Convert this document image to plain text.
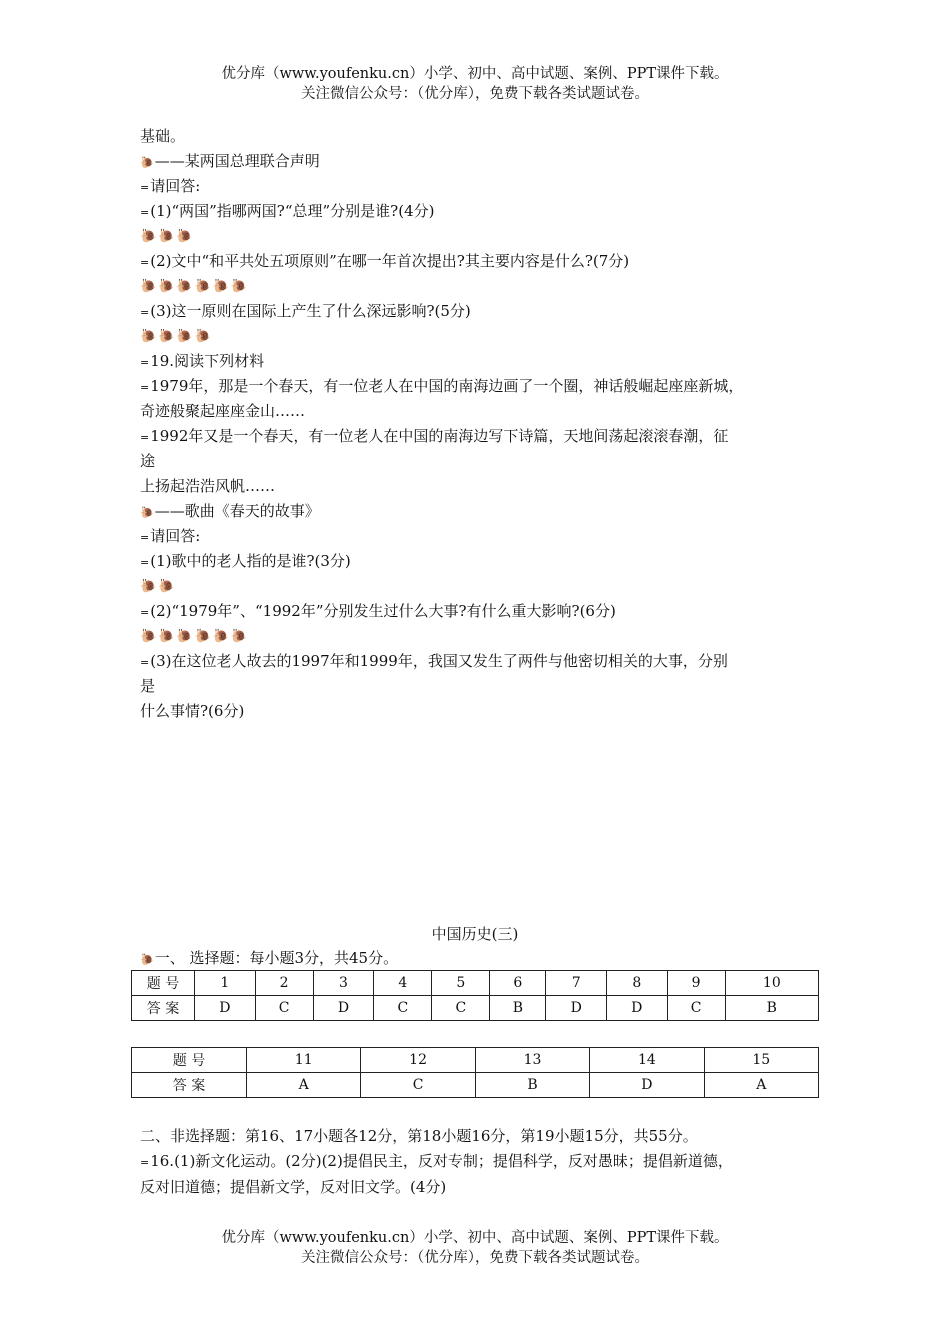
优分库（www.youfenku.cn）小学、初中、高中试题、案例、PPT课件下载。
关注微信公众号：（优分库），免费下载各类试题试卷。
基础。
🐌 ——某两国总理联合声明
= 请回答:
= (1)“两国”指哪两国?“总理”分别是谁?(4分)
🐌🐌🐌
= (2)文中“和平共处五项原则”在哪一年首次提出?其主要内容是什么?(7分)
🐌🐌🐌🐌🐌🐌
= (3)这一原则在国际上产生了什么深远影响?(5分)
🐌🐌🐌🐌
= 19.阅读下列材料
= 1979年，那是一个春天，有一位老人在中国的南海边画了一个圈，神话般崛起座座新城，
奇迹般聚起座座金山……
= 1992年又是一个春天，有一位老人在中国的南海边写下诗篇，天地间荡起滚滚春潮，征
途
上扬起浩浩风帆……
🐌 ——歌曲《春天的故事》
= 请回答:
= (1)歌中的老人指的是谁?(3分)
🐌🐌
= (2)“1979年”、“1992年”分别发生过什么大事?有什么重大影响?(6分)
🐌🐌🐌🐌🐌🐌
= (3)在这位老人故去的1997年和1999年，我国又发生了两件与他密切相关的大事，分别
是
什么事情?(6分)
中国历史(三)
🐌 一、 选择题：每小题3分，共45分。
题 号	1	2	3	4	5	6	7	8	9	10
答 案	D	C	D	C	C	B	D	D	C	B
题 号	11	12	13	14	15
答 案	A	C	B	D	A
二、非选择题：第16、17小题各12分，第18小题16分，第19小题15分，共55分。
= 16.(1)新文化运动。(2分)(2)提倡民主，反对专制；提倡科学，反对愚昧；提倡新道德，
反对旧道德；提倡新文学，反对旧文学。(4分)
优分库（www.youfenku.cn）小学、初中、高中试题、案例、PPT课件下载。
关注微信公众号：（优分库），免费下载各类试题试卷。
